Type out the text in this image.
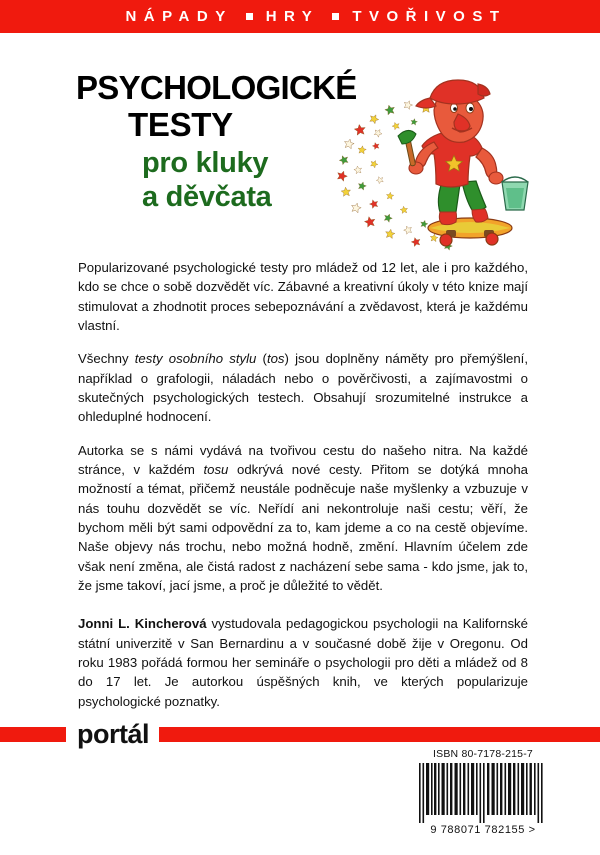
NÁPADY HRY TVOŘIVOST
PSYCHOLOGICKÉ
TESTY
pro kluky
a děvčata

Popularizované psychologické testy pro mládež od 12 let, ale i pro každého, kdo se chce o sobě dozvědět víc. Zábavné a kreativní úkoly v této knize mají stimulovat a zhodnotit proces sebepoznávání a zvědavost, která je každému vlastní.

Všechny testy osobního stylu (tos) jsou doplněny náměty pro přemýšlení, například o grafologii, náladách nebo o pověrčivosti, a zajímavostmi o skutečných psychologických testech. Obsahují srozumitelné instrukce a ohleduplné hodnocení.

Autorka se s námi vydává na tvořivou cestu do našeho nitra. Na každé stránce, v každém tosu odkrývá nové cesty. Přitom se dotýká mnoha možností a témat, přičemž neustále podněcuje naše myšlenky a vzbuzuje v nás touhu dozvědět se víc. Neřídí ani nekontroluje naši cestu; věří, že bychom měli být sami odpovědní za to, kam jdeme a co na cestě objevíme. Naše objevy nás trochu, nebo možná hodně, změní. Hlavním účelem zde však není změna, ale čistá radost z nacházení sebe sama - kdo jsme, jak to, že jsme takoví, jací jsme, a proč je důležité to vědět.

Jonni L. Kincherová vystudovala pedagogickou psychologii na Kalifornské státní univerzitě v San Bernardinu a v současné době žije v Oregonu. Od roku 1983 pořádá formou her semináře o psychologii pro děti a mládež od 8 do 17 let. Je autorkou úspěšných knih, ve kterých popularizuje psychologické poznatky.

portál
ISBN 80-7178-215-7
9 788071 782155 >
